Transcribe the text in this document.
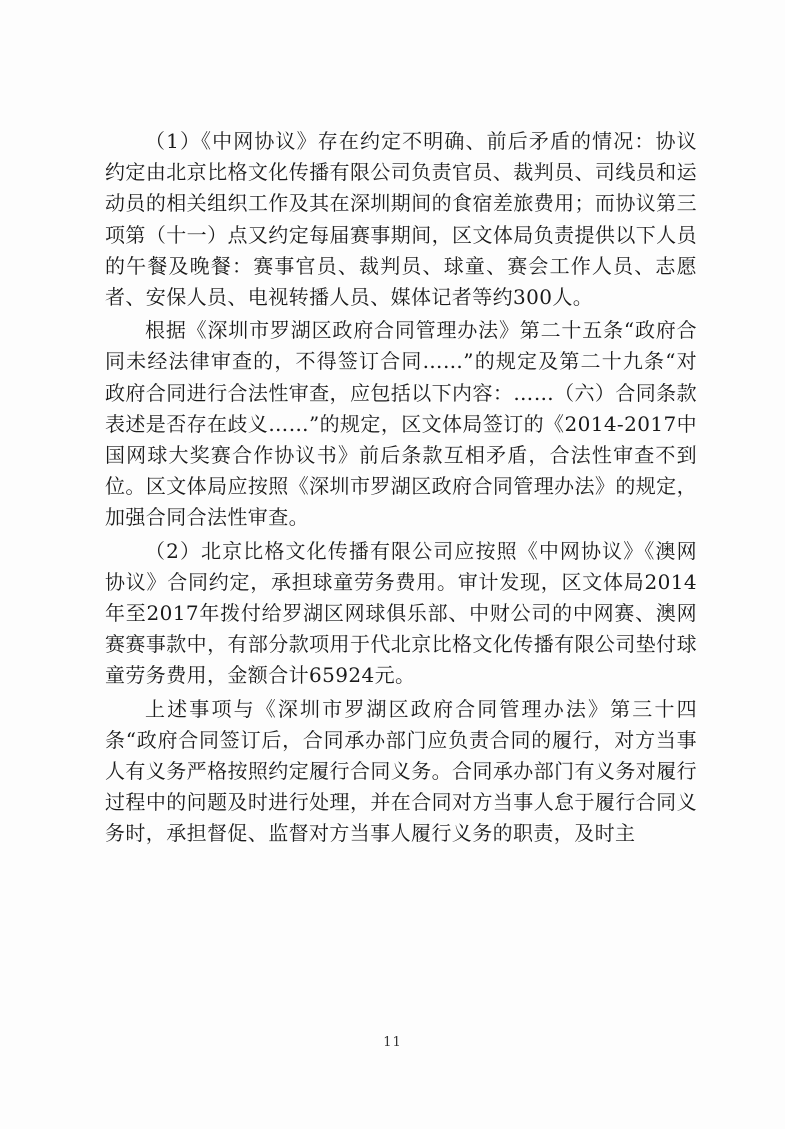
（1）《中网协议》存在约定不明确、前后矛盾的情况：协议约定由北京比格文化传播有限公司负责官员、裁判员、司线员和运动员的相关组织工作及其在深圳期间的食宿差旅费用；而协议第三项第（十一）点又约定每届赛事期间，区文体局负责提供以下人员的午餐及晚餐：赛事官员、裁判员、球童、赛会工作人员、志愿者、安保人员、电视转播人员、媒体记者等约300人。

根据《深圳市罗湖区政府合同管理办法》第二十五条“政府合同未经法律审查的，不得签订合同……”的规定及第二十九条“对政府合同进行合法性审查，应包括以下内容：……（六）合同条款表述是否存在歧义……”的规定，区文体局签订的《2014-2017中国网球大奖赛合作协议书》前后条款互相矛盾，合法性审查不到位。区文体局应按照《深圳市罗湖区政府合同管理办法》的规定，加强合同合法性审查。

（2）北京比格文化传播有限公司应按照《中网协议》《澳网协议》合同约定，承担球童劳务费用。审计发现，区文体局2014年至2017年拨付给罗湖区网球俱乐部、中财公司的中网赛、澳网赛赛事款中，有部分款项用于代北京比格文化传播有限公司垫付球童劳务费用，金额合计65924元。

上述事项与《深圳市罗湖区政府合同管理办法》第三十四条“政府合同签订后，合同承办部门应负责合同的履行，对方当事人有义务严格按照约定履行合同义务。合同承办部门有义务对履行过程中的问题及时进行处理，并在合同对方当事人怠于履行合同义务时，承担督促、监督对方当事人履行义务的职责，及时主

11
